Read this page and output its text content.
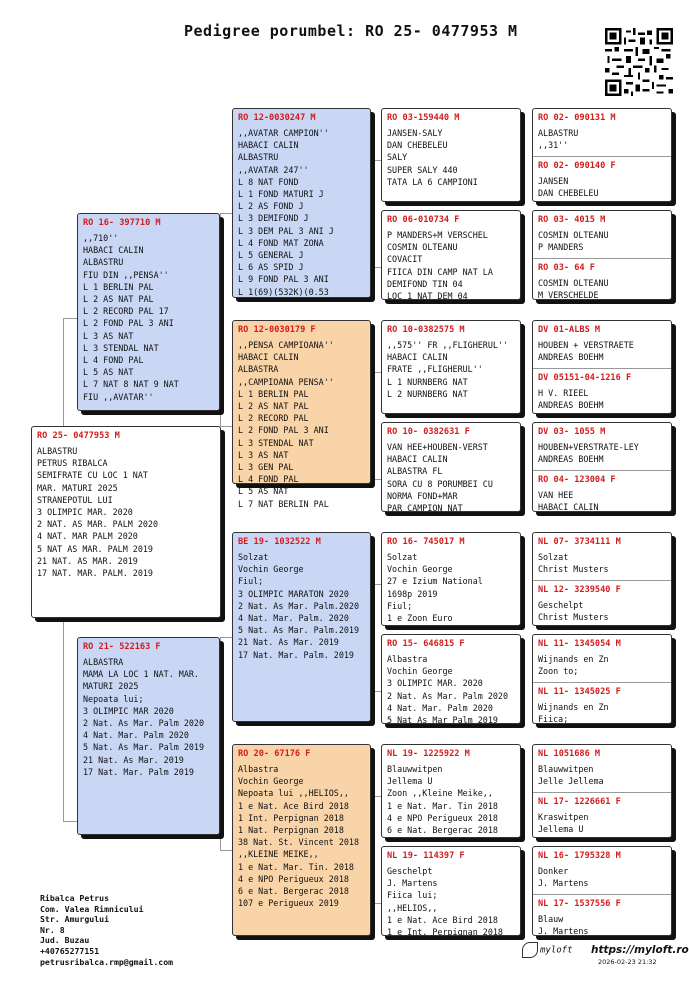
Pedigree porumbel: RO 25- 0477953 M
RO 25- 0477953 M
ALBASTRU
PETRUS RIBALCA
SEMIFRATE CU LOC 1 NAT
MAR. MATURI 2025
STRANEPOTUL LUI
3 OLIMPIC MAR. 2020
2 NAT. AS MAR. PALM 2020
4 NAT. MAR PALM 2020
5 NAT AS MAR. PALM 2019
21 NAT. AS MAR. 2019
17 NAT. MAR. PALM. 2019
RO 16- 397710 M
,,710''
HABACI CALIN
ALBASTRU
FIU DIN ,,PENSA''
L 1 BERLIN PAL
L 2 AS NAT PAL
L 2 RECORD PAL 17
L 2 FOND PAL 3 ANI
L 3 AS NAT
L 3 STENDAL NAT
L 4 FOND PAL
L 5 AS NAT
L 7 NAT 8 NAT 9 NAT
FIU ,,AVATAR''
RO 21- 522163 F
ALBASTRA
MAMA LA LOC 1 NAT. MAR.
MATURI 2025
Nepoata lui;
3 OLIMPIC MAR 2020
2 Nat. As Mar. Palm 2020
4 Nat. Mar. Palm 2020
5 Nat. As Mar. Palm 2019
21 Nat. As Mar. 2019
17 Nat. Mar. Palm 2019
RO 12-0030247 M
,,AVATAR CAMPION''
HABACI CALIN
ALBASTRU
,,AVATAR 247''
L 8 NAT FOND
L 1 FOND MATURI J
L 2 AS FOND J
L 3 DEMIFOND J
L 3 DEM PAL 3 ANI J
L 4 FOND MAT ZONA
L 5 GENERAL J
L 6 AS SPID J
L 9 FOND PAL 3 ANI
L 1(69)(532K)(0.53
RO 12-0030179 F
,,PENSA CAMPIOANA''
HABACI CALIN
ALBASTRA
,,CAMPIOANA PENSA''
L 1 BERLIN PAL
L 2 AS NAT PAL
L 2 RECORD PAL
L 2 FOND PAL 3 ANI
L 3 STENDAL NAT
L 3 AS NAT
L 3 GEN PAL
L 4 FOND PAL
L 5 AS NAT
L 7 NAT BERLIN PAL
BE 19- 1032522 M
Solzat
Vochin George
Fiul;
3 OLIMPIC MARATON 2020
2 Nat. As Mar. Palm.2020
4 Nat. Mar. Palm. 2020
5 Nat. As Mar. Palm.2019
21 Nat. As Mar. 2019
17 Nat. Mar. Palm. 2019
RO 20- 67176 F
Albastra
Vochin George
Nepoata lui ,,HELIOS,,
1 e Nat. Ace Bird 2018
1 Int. Perpignan 2018
1 Nat. Perpignan 2018
38 Nat. St. Vincent 2018
,,KLEINE MEIKE,,
1 e Nat. Mar. Tin. 2018
4 e NPO Perigueux 2018
6 e Nat. Bergerac 2018
107 e Perigueux 2019
RO 03-159440 M
JANSEN-SALY
DAN CHEBELEU
SALY
SUPER SALY 440
TATA LA 6 CAMPIONI
RO 06-010734 F
P MANDERS+M VERSCHEL
COSMIN OLTEANU
COVACIT
FIICA DIN CAMP NAT LA
DEMIFOND TIN 04
LOC 1 NAT DEM 04
RO 10-0382575 M
,,575'' FR ,,FLIGHERUL''
HABACI CALIN
FRATE ,,FLIGHERUL''
L 1 NURNBERG NAT
L 2 NURNBERG NAT
RO 10- 0382631 F
VAN HEE+HOUBEN-VERST
HABACI CALIN
ALBASTRA FL
SORA CU 8 PORUMBEI CU
NORMA FOND+MAR
PAR CAMPION NAT
RO 16- 745017 M
Solzat
Vochin George
27 e Izium National
1698p 2019
Fiul;
1 e Zoon Euro
RO 15- 646815 F
Albastra
Vochin George
3 OLIMPIC MAR. 2020
2 Nat. As Mar. Palm 2020
4 Nat. Mar. Palm 2020
5 Nat As Mar Palm 2019
NL 19- 1225922 M
Blauwwitpen
Jellema U
Zoon ,,Kleine Meike,,
1 e Nat. Mar. Tin 2018
4 e NPO Perigueux 2018
6 e Nat. Bergerac 2018
NL 19- 114397 F
Geschelpt
J. Martens
Fiica lui;
,,HELIOS,,
1 e Nat. Ace Bird 2018
1 e Int. Perpignan 2018
RO 02- 090131 M
ALBASTRU
,,31''
RO 02- 090140 F
JANSEN
DAN CHEBELEU
RO 03- 4015 M
COSMIN OLTEANU
P MANDERS
RO 03- 64 F
COSMIN OLTEANU
M VERSCHELDE
DV 01-ALBS M
HOUBEN + VERSTRAETE
ANDREAS BOEHM
DV 05151-04-1216 F
H V. RIEEL
ANDREAS BOEHM
DV 03- 1055 M
HOUBEN+VERSTRATE-LEY
ANDREAS BOEHM
RO 04- 123004 F
VAN HEE
HABACI CALIN
NL 07- 3734111 M
Solzat
Christ Musters
NL 12- 3239540 F
Geschelpt
Christ Musters
NL 11- 1345054 M
Wijnands en Zn
Zoon to;
NL 11- 1345025 F
Wijnands en Zn
Fiica;
NL 1051686 M
Blauwwitpen
Jelle Jellema
NL 17- 1226661 F
Kraswitpen
Jellema U
NL 16- 1795328 M
Donker
J. Martens
NL 17- 1537556 F
Blauw
J. Martens
Ribalca Petrus
Com. Valea Rimnicului
Str. Amurgului
Nr. 8
Jud. Buzau
+40765277151
petrusribalca.rmp@gmail.com
myloft https://myloft.ro
2026-02-23 21:32
